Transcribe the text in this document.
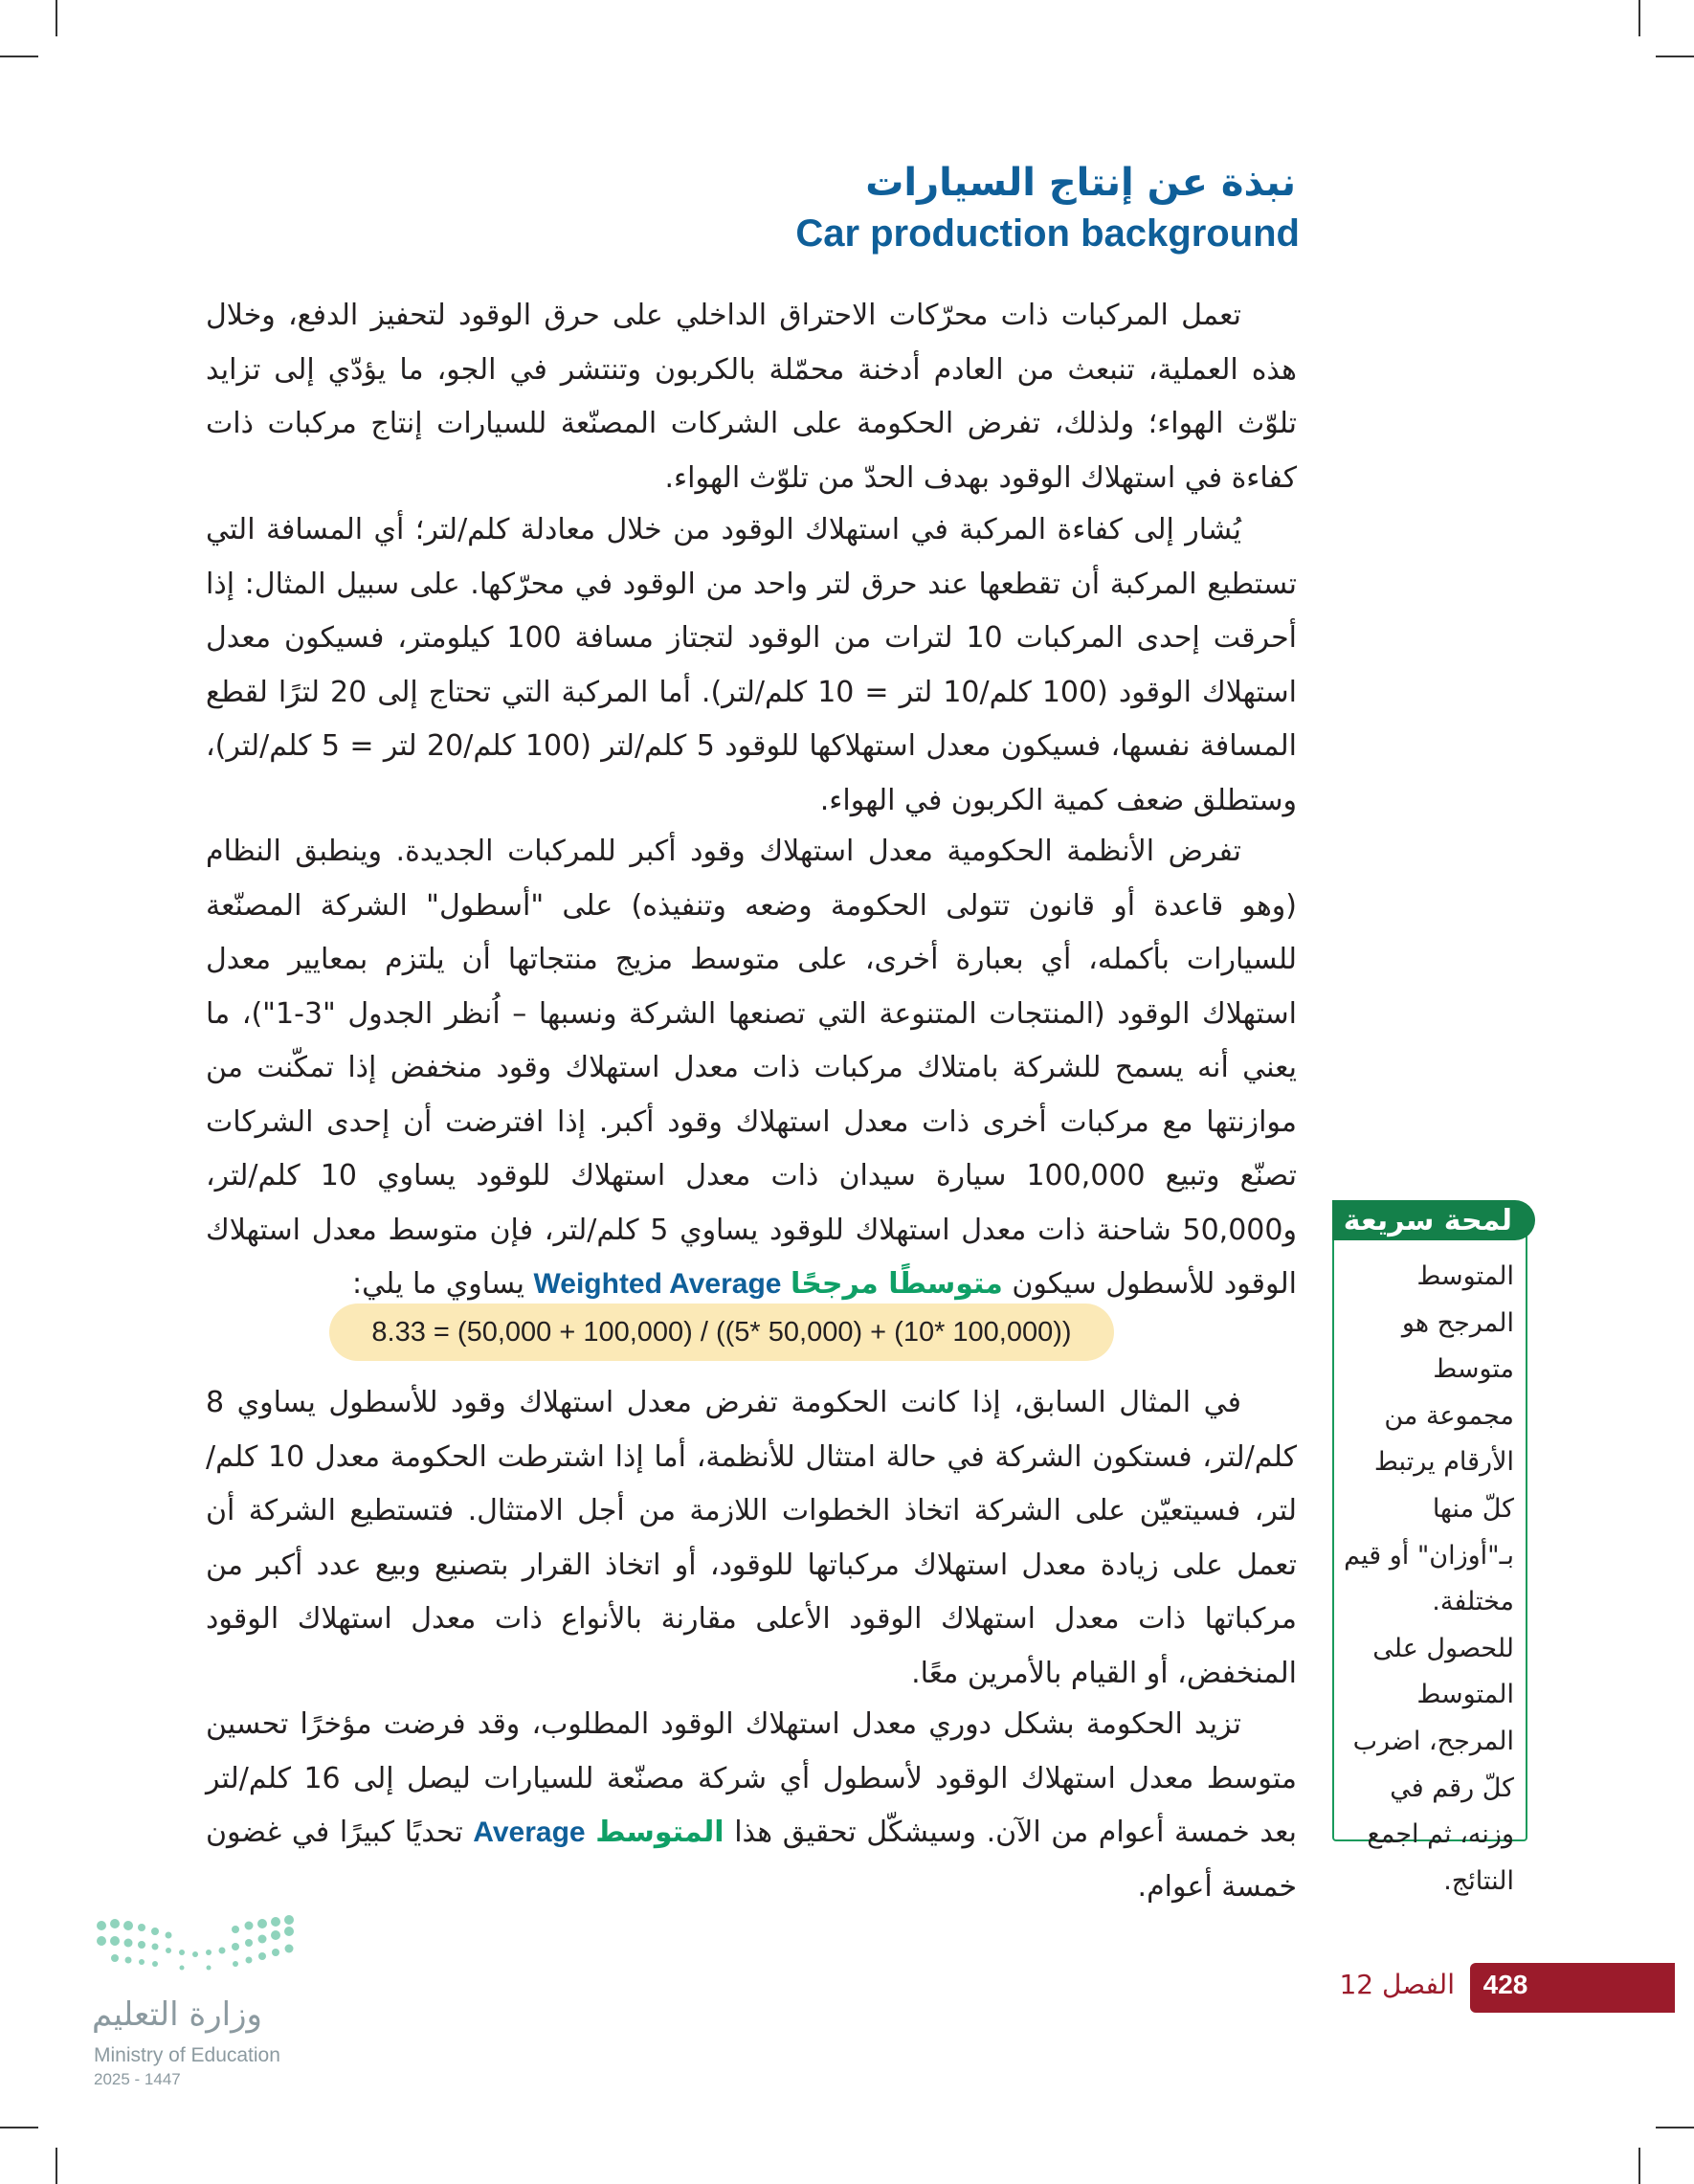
نبذة عن إنتاج السيارات
Car production background

تعمل المركبات ذات محرّكات الاحتراق الداخلي على حرق الوقود لتحفيز الدفع، وخلال هذه العملية، تنبعث من العادم أدخنة محمّلة بالكربون وتنتشر في الجو، ما يؤدّي إلى تزايد تلوّث الهواء؛ ولذلك، تفرض الحكومة على الشركات المصنّعة للسيارات إنتاج مركبات ذات كفاءة في استهلاك الوقود بهدف الحدّ من تلوّث الهواء.

يُشار إلى كفاءة المركبة في استهلاك الوقود من خلال معادلة كلم/لتر؛ أي المسافة التي تستطيع المركبة أن تقطعها عند حرق لتر واحد من الوقود في محرّكها. على سبيل المثال: إذا أحرقت إحدى المركبات 10 لترات من الوقود لتجتاز مسافة 100 كيلومتر، فسيكون معدل استهلاك الوقود (100 كلم/10 لتر = 10 كلم/لتر). أما المركبة التي تحتاج إلى 20 لترًا لقطع المسافة نفسها، فسيكون معدل استهلاكها للوقود 5 كلم/لتر (100 كلم/20 لتر = 5 كلم/لتر)، وستطلق ضعف كمية الكربون في الهواء.

تفرض الأنظمة الحكومية معدل استهلاك وقود أكبر للمركبات الجديدة. وينطبق النظام (وهو قاعدة أو قانون تتولى الحكومة وضعه وتنفيذه) على "أسطول" الشركة المصنّعة للسيارات بأكمله، أي بعبارة أخرى، على متوسط مزيج منتجاتها أن يلتزم بمعايير معدل استهلاك الوقود (المنتجات المتنوعة التي تصنعها الشركة ونسبها – اُنظر الجدول "3-1")، ما يعني أنه يسمح للشركة بامتلاك مركبات ذات معدل استهلاك وقود منخفض إذا تمكّنت من موازنتها مع مركبات أخرى ذات معدل استهلاك وقود أكبر. إذا افترضت أن إحدى الشركات تصنّع وتبيع 100,000 سيارة سيدان ذات معدل استهلاك للوقود يساوي 10 كلم/لتر، و50,000 شاحنة ذات معدل استهلاك للوقود يساوي 5 كلم/لتر، فإن متوسط معدل استهلاك الوقود للأسطول سيكون متوسطًا مرجحًا Weighted Average يساوي ما يلي:

8.33 = (50,000 + 100,000) / ((5* 50,000) + (10* 100,000))

في المثال السابق، إذا كانت الحكومة تفرض معدل استهلاك وقود للأسطول يساوي 8 كلم/لتر، فستكون الشركة في حالة امتثال للأنظمة، أما إذا اشترطت الحكومة معدل 10 كلم/لتر، فسيتعيّن على الشركة اتخاذ الخطوات اللازمة من أجل الامتثال. فتستطيع الشركة أن تعمل على زيادة معدل استهلاك مركباتها للوقود، أو اتخاذ القرار بتصنيع وبيع عدد أكبر من مركباتها ذات معدل استهلاك الوقود الأعلى مقارنة بالأنواع ذات معدل استهلاك الوقود المنخفض، أو القيام بالأمرين معًا.

تزيد الحكومة بشكل دوري معدل استهلاك الوقود المطلوب، وقد فرضت مؤخرًا تحسين متوسط معدل استهلاك الوقود لأسطول أي شركة مصنّعة للسيارات ليصل إلى 16 كلم/لتر بعد خمسة أعوام من الآن. وسيشكّل تحقيق هذا المتوسط Average تحديًا كبيرًا في غضون خمسة أعوام.

لمحة سريعة

المتوسط المرجح هو متوسط مجموعة من الأرقام يرتبط كلّ منها بـ"أوزان" أو قيم مختلفة. للحصول على المتوسط المرجح، اضرب كلّ رقم في وزنه، ثم اجمع النتائج.

428
الفصل 12
وزارة التعليم
Ministry of Education
2025 - 1447
